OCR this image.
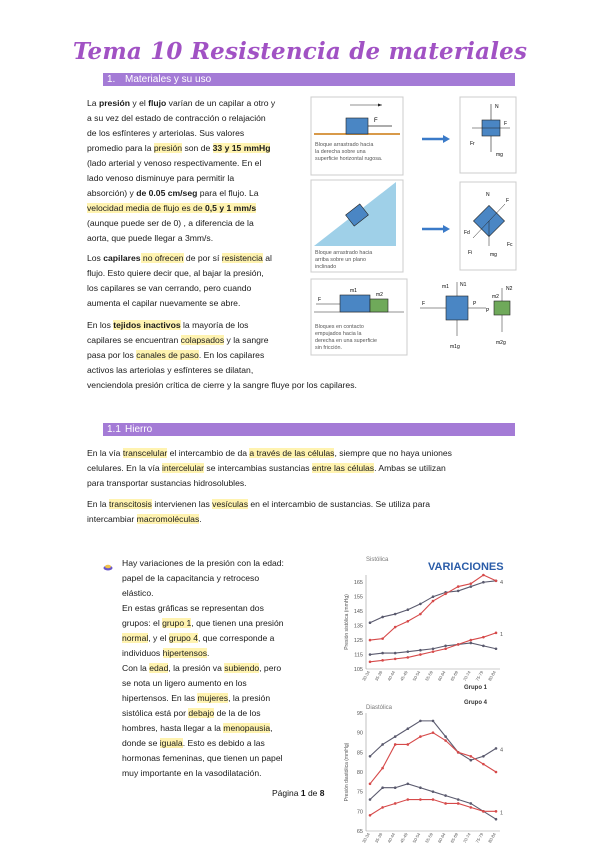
Tema 10 Resistencia de materiales
1. Materiales y su uso
La presión y el flujo varían de un capilar a otro y
a su vez del estado de contracción o relajación
de los esfínteres y arteriolas. Sus valores
promedio para la presión son de 33 y 15 mmHg
(lado arterial y venoso respectivamente. En el
lado venoso disminuye para permitir la
absorción) y de 0.05 cm/seg para el flujo. La
velocidad media de flujo es de 0,5 y 1 mm/s
(aunque puede ser de 0) , a diferencia de la
aorta, que puede llegar a 3mm/s.
Los capilares no ofrecen de por sí resistencia al
flujo. Esto quiere decir que, al bajar la presión,
los capilares se van cerrando, pero cuando
aumenta el capilar nuevamente se abre.
En los tejidos inactivos la mayoría de los
capilares se encuentran colapsados y la sangre
pasa por los canales de paso. En los capilares
activos las arteriolas y esfínteres se dilatan,
venciendola presión crítica de cierre y la sangre fluye por los capilares.
F
Bloque arrastrado hacia
la derecha sobre una
superficie horizontal rugosa.
N
F
Fr
mg
Bloque arrastrado hacia
arriba sobre un plano
inclinado
F
N
Fd
Fc
Fi	mg
F
m1
m2
Bloques en contacto
empujados hacia la
derecha en una superficie
sin fricción.
m1 N1
F	P
m1g
m2
N2
P
m2g
1.1 Hierro
En la vía transcelular el intercambio de da a través de las células, siempre que no haya uniones
celulares. En la vía intercelular se intercambias sustancias entre las células. Ambas se utilizan
para transportar sustancias hidrosolubles.
En la transcitosis intervienen las vesículas en el intercambio de sustancias. Se utiliza para
intercambiar macromoléculas.
Hay variaciones de la presión con la edad:
papel de la capacitancia y retroceso
elástico.
En estas gráficas se representan dos
grupos: el grupo 1, que tienen una presión
normal, y el grupo 4, que corresponde a
individuos hipertensos.
Con la edad, la presión va subiendo, pero
se nota un ligero aumento en los
hipertensos. En las mujeres, la presión
sistólica está por debajo de la de los
hombres, hasta llegar a la menopausia,
donde se iguala. Esto es debido a las
hormonas femeninas, que tienen un papel
muy importante en la vasodilatación.
Página 1 de 8
Sistólica
VARIACIONES
Grupo 1
Diastólica
Grupo 4
105
115
125
135
145
155
165
30-34 35-39 40-44 45-49 50-54 55-59 60-64 65-69 70-74 75-79 80-84
Presión sistólica (mmHg)
4
1
65
70
75
80
85
90
95
30-34 35-39 40-44 45-49 50-54 55-59 60-64 65-69 70-74 75-79 80-84
Presión diastólica (mmHg)	4
1
